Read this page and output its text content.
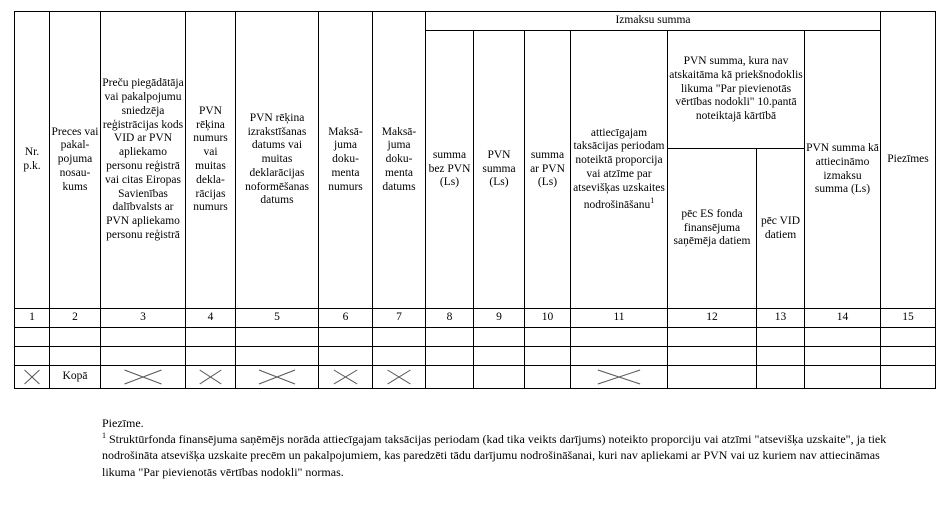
Nr. p.k.	Preces vai pakal-pojuma nosau-kums	Preču piegādātāja vai pakalpojumu sniedzēja reģistrācijas kods VID ar PVN apliekamo personu reģistrā vai citas Eiropas Savienības dalībvalsts ar PVN apliekamo personu reģistrā	PVN rēķina numurs vai muitas dekla-rācijas numurs	PVN rēķina izrakstīšanas datums vai muitas deklarācijas noformēšanas datums	Maksā-juma doku-menta numurs	Maksā-juma doku-menta datums	Izmaksu summa							Piezīmes
							summa bez PVN (Ls)	PVN summa (Ls)	summa ar PVN (Ls)	attiecīgajam taksācijas periodam noteiktā proporcija vai atzīme par atsevišķas uzskaites nodrošināšanu$^1$	PVN summa, kura nav atskaitāma kā priekšnodoklis likuma "Par pievienotās vērtības nodokli" 10.pantā noteiktajā kārtībā		PVN summa kā attiecināmo izmaksu summa (Ls)	
											pēc ES fonda finansējuma saņēmēja datiem	pēc VID datiem		
1	2	3	4	5	6	7	8	9	10	11	12	13	14	15

	Kopā	

Piezīme.

$^1$ Struktūrfonda finansējuma saņēmējs norāda attiecīgajam taksācijas periodam (kad tika veikts darījums) noteikto proporciju vai atzīmi "atsevišķa uzskaite", ja tiek nodrošināta atsevišķa uzskaite precēm un pakalpojumiem, kas paredzēti tādu darījumu nodrošināšanai, kuri nav apliekami ar PVN vai uz kuriem nav attiecināmas likuma "Par pievienotās vērtības nodokli" normas.
